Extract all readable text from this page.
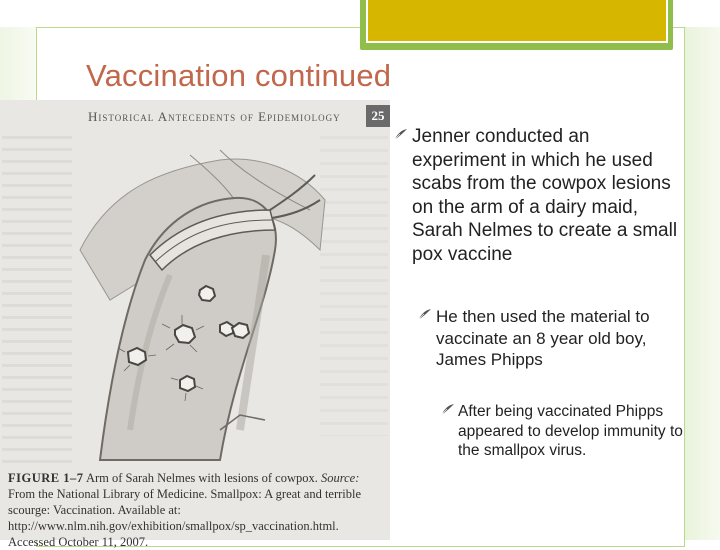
Vaccination continued
Historical Antecedents of Epidemiology	25
FIGURE 1–7 Arm of Sarah Nelmes with lesions of cowpox. Source: From the National Library of Medicine. Smallpox: A great and terrible scourge: Vaccination. Available at: http://www.nlm.nih.gov/exhibition/smallpox/sp_vaccination.html. Accessed October 11, 2007.
Jenner conducted an experiment in which he used scabs from the cowpox lesions on the arm of a dairy maid, Sarah Nelmes to create a small pox vaccine
He then used the material to vaccinate an 8 year old boy, James Phipps
After being vaccinated Phipps appeared to develop immunity to the smallpox virus.
